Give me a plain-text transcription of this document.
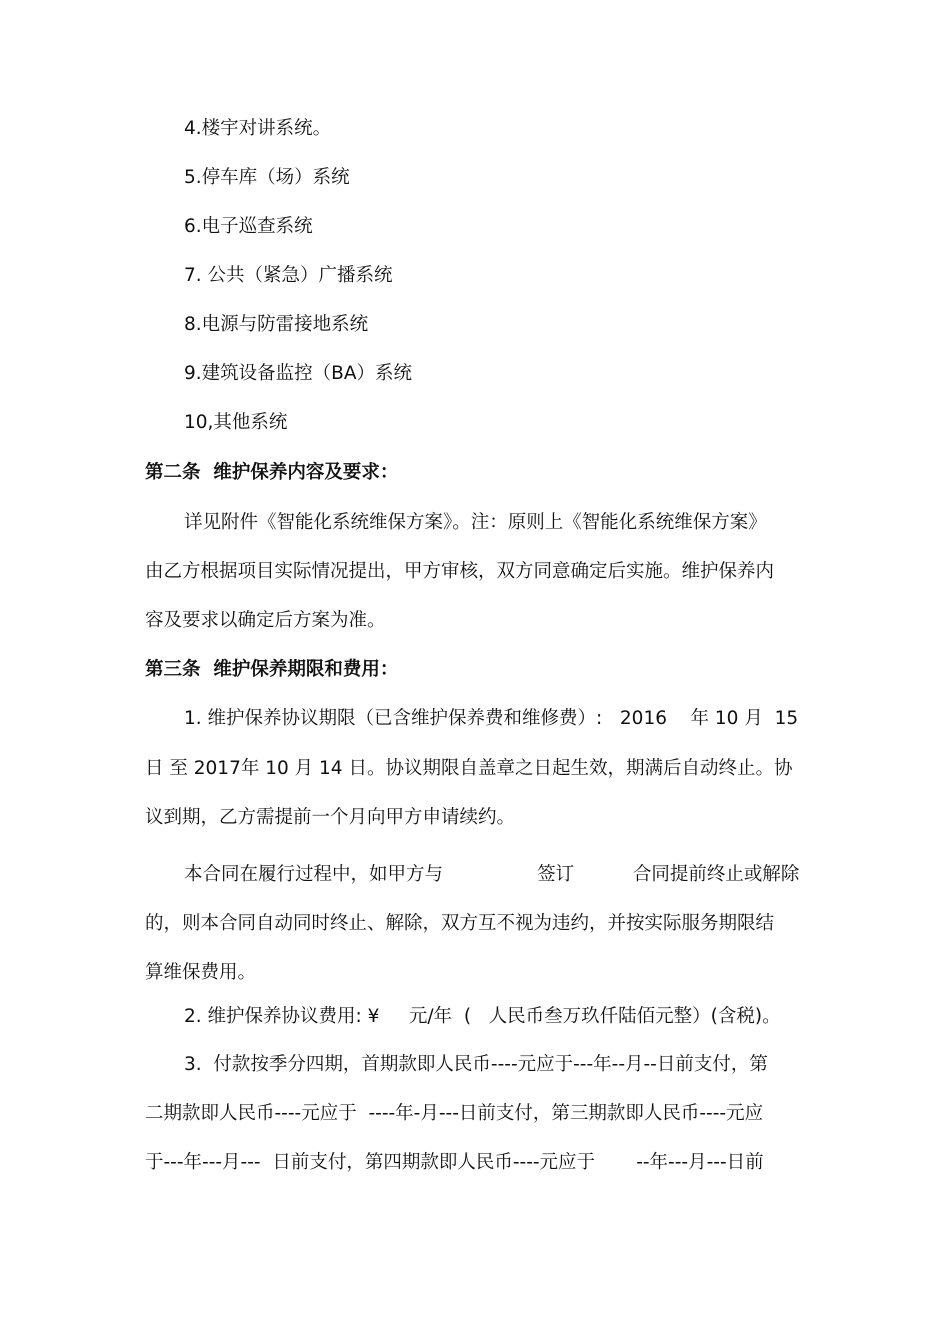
4.楼宇对讲系统。
5.停车库（场）系统
6.电子巡查系统
7. 公共（紧急）广播系统
8.电源与防雷接地系统
9.建筑设备监控（BA）系统
10,其他系统
第二条  维护保养内容及要求：
详见附件《智能化系统维保方案》。注：原则上《智能化系统维保方案》
由乙方根据项目实际情况提出，甲方审核，双方同意确定后实施。维护保养内
容及要求以确定后方案为准。
第三条  维护保养期限和费用：
1. 维护保养协议期限（已含维护保养费和维修费）:   2016    年 10 月  15
日 至 2017年 10 月 14 日。协议期限自盖章之日起生效，期满后自动终止。协
议到期，乙方需提前一个月向甲方申请续约。
本合同在履行过程中，如甲方与                签订          合同提前终止或解除
的，则本合同自动同时终止、解除，双方互不视为违约，并按实际服务期限结
算维保费用。
2. 维护保养协议费用: ¥     元/年  (   人民币叁万玖仟陆佰元整）(含税)。
3.  付款按季分四期，首期款即人民币----元应于---年--月--日前支付，第
二期款即人民币----元应于  ----年-月---日前支付，第三期款即人民币----元应
于---年---月---  日前支付，第四期款即人民币----元应于       --年---月---日前
